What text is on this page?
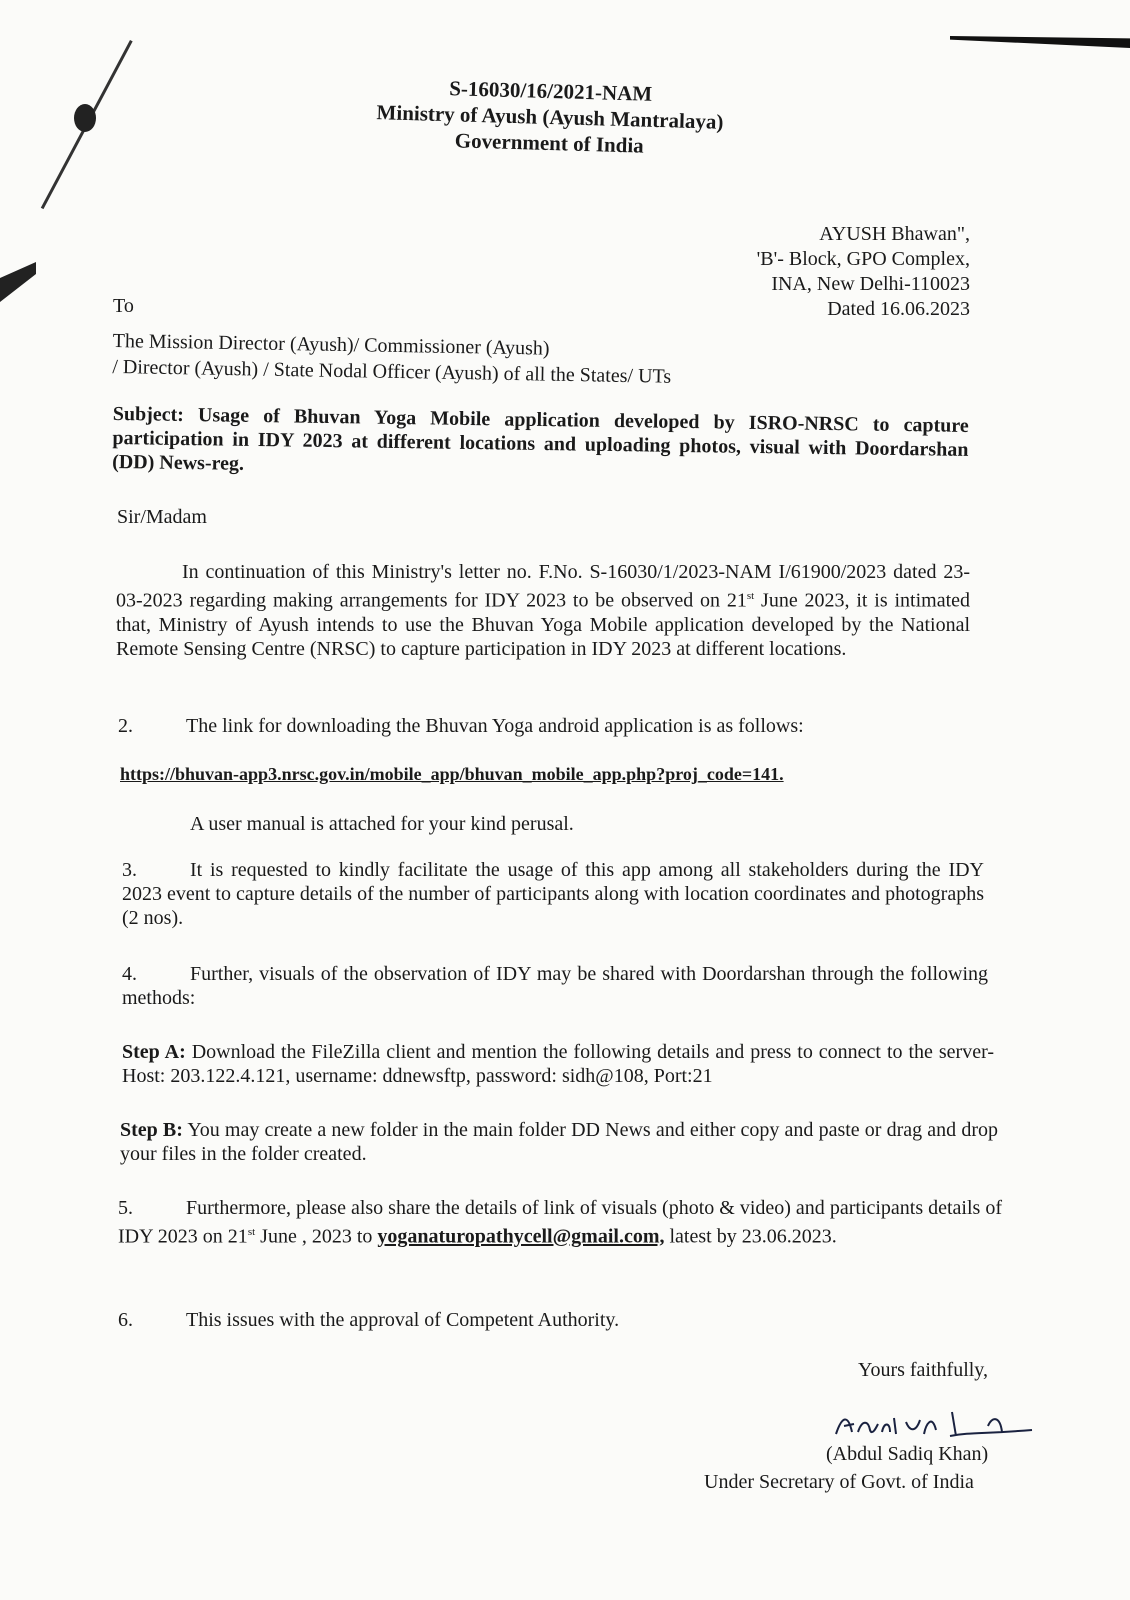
S-16030/16/2021-NAM
Ministry of Ayush (Ayush Mantralaya)
Government of India
AYUSH Bhawan",
'B'- Block, GPO Complex,
INA, New Delhi-110023
Dated 16.06.2023
To
The Mission Director (Ayush)/ Commissioner (Ayush)
/ Director (Ayush) / State Nodal Officer (Ayush) of all the States/ UTs
Subject: Usage of Bhuvan Yoga Mobile application developed by ISRO-NRSC to capture participation in IDY 2023 at different locations and uploading photos, visual with Doordarshan (DD) News-reg.
Sir/Madam
In continuation of this Ministry's letter no. F.No. S-16030/1/2023-NAM I/61900/2023 dated 23-03-2023 regarding making arrangements for IDY 2023 to be observed on 21st June 2023, it is intimated that, Ministry of Ayush intends to use the Bhuvan Yoga Mobile application developed by the National Remote Sensing Centre (NRSC) to capture participation in IDY 2023 at different locations.
2.	The link for downloading the Bhuvan Yoga android application is as follows:
https://bhuvan-app3.nrsc.gov.in/mobile_app/bhuvan_mobile_app.php?proj_code=141.
A user manual is attached for your kind perusal.
3.	It is requested to kindly facilitate the usage of this app among all stakeholders during the IDY 2023 event to capture details of the number of participants along with location coordinates and photographs (2 nos).
4.	Further, visuals of the observation of IDY may be shared with Doordarshan through the following methods:
Step A: Download the FileZilla client and mention the following details and press to connect to the server- Host: 203.122.4.121, username: ddnewsftp, password: sidh@108, Port:21
Step B: You may create a new folder in the main folder DD News and either copy and paste or drag and drop your files in the folder created.
5.	Furthermore, please also share the details of link of visuals (photo & video) and participants details of IDY 2023 on 21st June , 2023 to yoganaturopathycell@gmail.com, latest by 23.06.2023.
6.	This issues with the approval of Competent Authority.
Yours faithfully,
(Abdul Sadiq Khan)
Under Secretary of Govt. of India
